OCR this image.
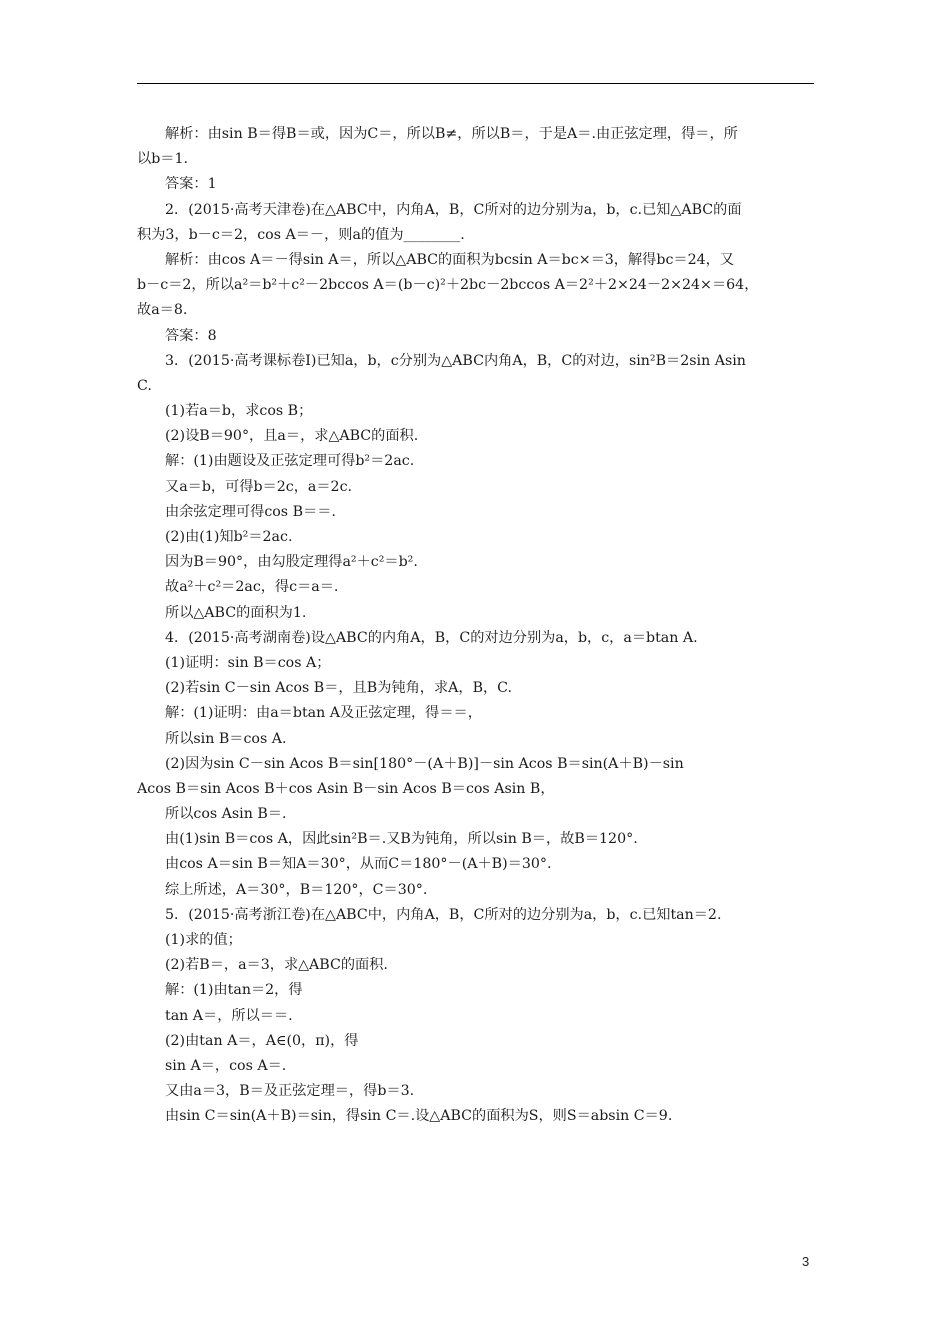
解析：由sin B＝得B＝或，因为C＝，所以B≠，所以B＝，于是A＝.由正弦定理，得＝，所
以b＝1.
答案：1
2．(2015·高考天津卷)在△ABC中，内角A，B，C所对的边分别为a，b，c.已知△ABC的面
积为3，b－c＝2，cos A＝－，则a的值为________.
解析：由cos A＝－得sin A＝，所以△ABC的面积为bcsin A＝bc×＝3，解得bc＝24，又
b－c＝2，所以a²＝b²＋c²－2bccos A＝(b－c)²＋2bc－2bccos A＝2²＋2×24－2×24×＝64，
故a＝8.
答案：8
3．(2015·高考课标卷Ⅰ)已知a，b，c分别为△ABC内角A，B，C的对边，sin²B＝2sin Asin
C.
(1)若a＝b，求cos B；
(2)设B＝90°，且a＝，求△ABC的面积.
解：(1)由题设及正弦定理可得b²＝2ac.
又a＝b，可得b＝2c，a＝2c.
由余弦定理可得cos B＝＝.
(2)由(1)知b²＝2ac.
因为B＝90°，由勾股定理得a²＋c²＝b².
故a²＋c²＝2ac，得c＝a＝.
所以△ABC的面积为1.
4．(2015·高考湖南卷)设△ABC的内角A，B，C的对边分别为a，b，c，a＝btan A.
(1)证明：sin B＝cos A；
(2)若sin C－sin Acos B＝，且B为钝角，求A，B，C.
解：(1)证明：由a＝btan A及正弦定理，得＝＝，
所以sin B＝cos A.
(2)因为sin C－sin Acos B＝sin[180°－(A＋B)]－sin Acos B＝sin(A＋B)－sin
Acos B＝sin Acos B＋cos Asin B－sin Acos B＝cos Asin B，
所以cos Asin B＝.
由(1)sin B＝cos A，因此sin²B＝.又B为钝角，所以sin B＝，故B＝120°.
由cos A＝sin B＝知A＝30°，从而C＝180°－(A＋B)＝30°.
综上所述，A＝30°，B＝120°，C＝30°.
5．(2015·高考浙江卷)在△ABC中，内角A，B，C所对的边分别为a，b，c.已知tan＝2.
(1)求的值；
(2)若B＝，a＝3，求△ABC的面积.
解：(1)由tan＝2，得
tan A＝，所以＝＝.
(2)由tan A＝，A∈(0，π)，得
sin A＝，cos A＝.
又由a＝3，B＝及正弦定理＝，得b＝3.
由sin C＝sin(A＋B)＝sin，得sin C＝.设△ABC的面积为S，则S＝absin C＝9.
3
